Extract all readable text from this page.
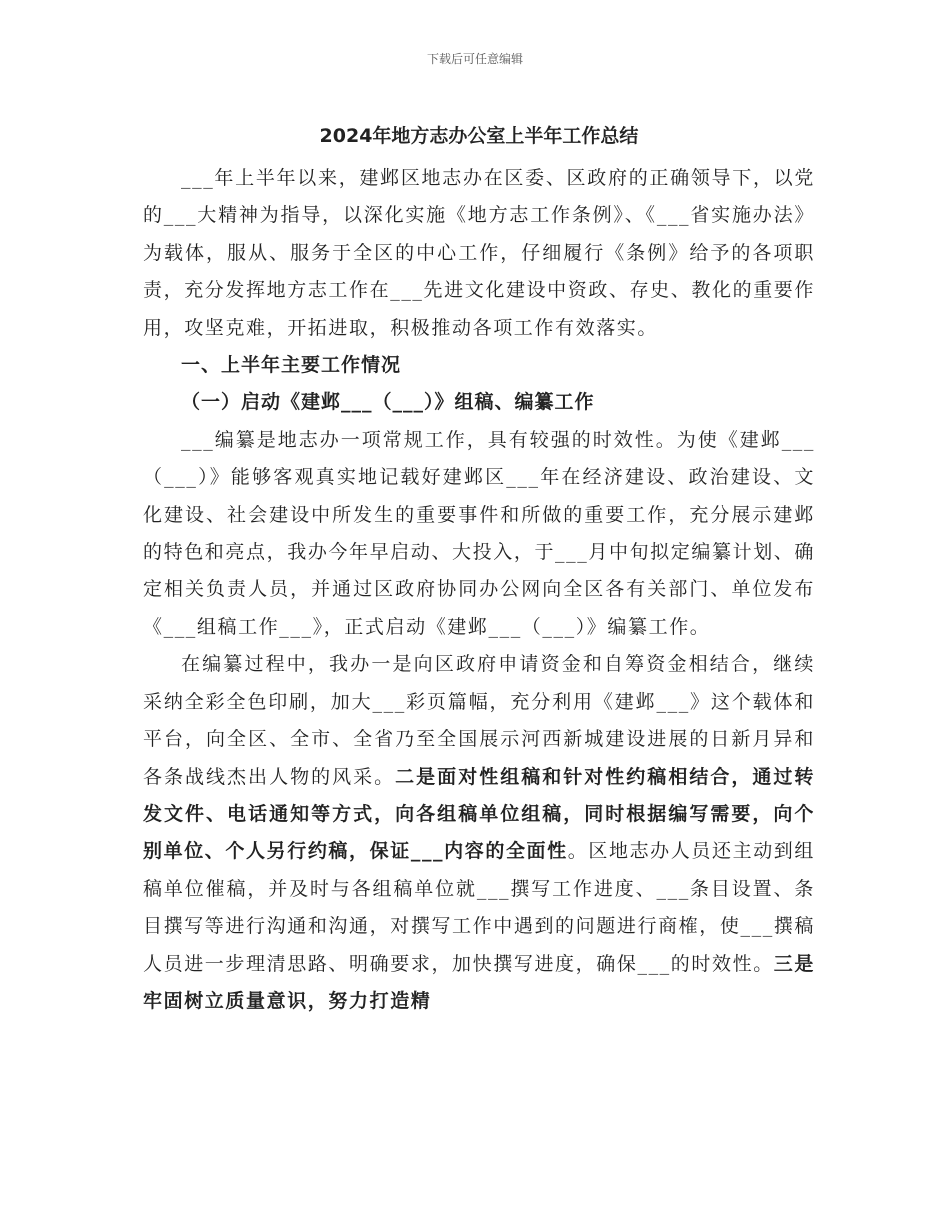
下载后可任意编辑
2024年地方志办公室上半年工作总结

___年上半年以来，建邺区地志办在区委、区政府的正确领导下，以党的___大精神为指导，以深化实施《地方志工作条例》、《___省实施办法》为载体，服从、服务于全区的中心工作，仔细履行《条例》给予的各项职责，充分发挥地方志工作在___先进文化建设中资政、存史、教化的重要作用，攻坚克难，开拓进取，积极推动各项工作有效落实。

一、上半年主要工作情况

（一）启动《建邺___（___）》组稿、编纂工作

___编纂是地志办一项常规工作，具有较强的时效性。为使《建邺___（___）》能够客观真实地记载好建邺区___年在经济建设、政治建设、文化建设、社会建设中所发生的重要事件和所做的重要工作，充分展示建邺的特色和亮点，我办今年早启动、大投入，于___月中旬拟定编纂计划、确定相关负责人员，并通过区政府协同办公网向全区各有关部门、单位发布《___组稿工作___》，正式启动《建邺___（___）》编纂工作。

在编纂过程中，我办一是向区政府申请资金和自筹资金相结合，继续采纳全彩全色印刷，加大___彩页篇幅，充分利用《建邺___》这个载体和平台，向全区、全市、全省乃至全国展示河西新城建设进展的日新月异和各条战线杰出人物的风采。二是面对性组稿和针对性约稿相结合，通过转发文件、电话通知等方式，向各组稿单位组稿，同时根据编写需要，向个别单位、个人另行约稿，保证___内容的全面性。区地志办人员还主动到组稿单位催稿，并及时与各组稿单位就___撰写工作进度、___条目设置、条目撰写等进行沟通和沟通，对撰写工作中遇到的问题进行商榷，使___撰稿人员进一步理清思路、明确要求，加快撰写进度，确保___的时效性。三是牢固树立质量意识，努力打造精
